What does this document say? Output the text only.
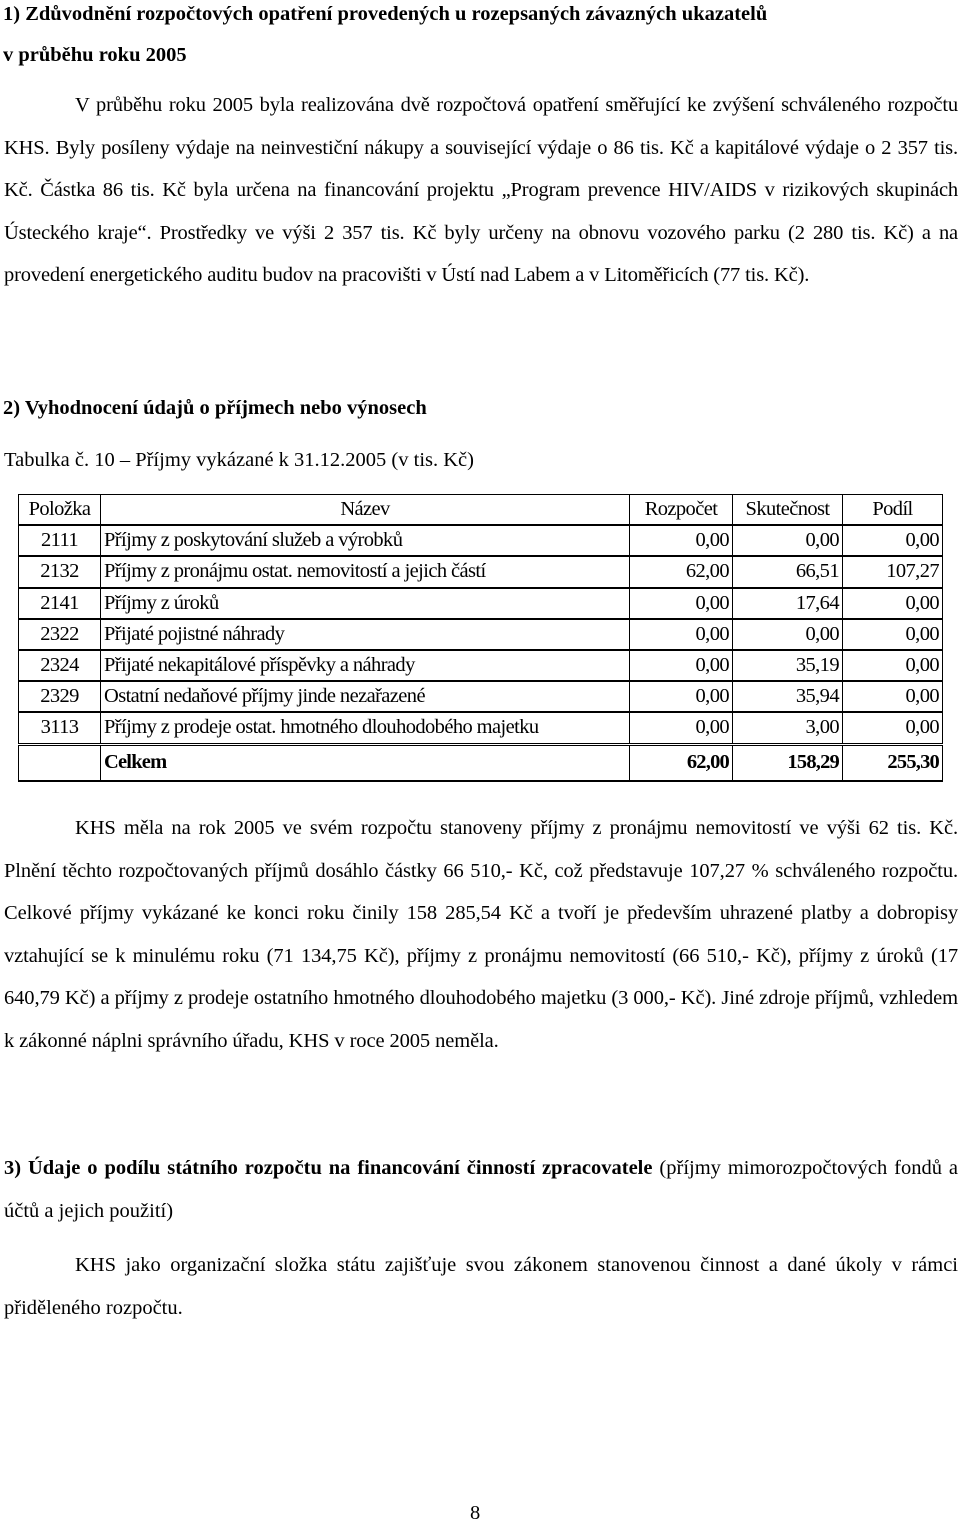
1) Zdůvodnění rozpočtových opatření provedených u rozepsaných závazných ukazatelů

v průběhu roku 2005

V průběhu roku 2005 byla realizována dvě rozpočtová opatření směřující ke zvýšení schváleného rozpočtu KHS. Byly posíleny výdaje na neinvestiční nákupy a související výdaje o 86 tis. Kč a kapitálové výdaje o 2 357 tis. Kč. Částka 86 tis. Kč byla určena na financování projektu „Program prevence HIV/AIDS v rizikových skupinách Ústeckého kraje“. Prostředky ve výši 2 357 tis. Kč byly určeny na obnovu vozového parku (2 280 tis. Kč) a na provedení energetického auditu budov na pracovišti v Ústí nad Labem a v Litoměřicích (77 tis. Kč).

2) Vyhodnocení údajů o příjmech nebo výnosech

Tabulka č. 10 – Příjmy vykázané k 31.12.2005 (v tis. Kč)

Položka	Název	Rozpočet	Skutečnost	Podíl
2111	Příjmy z poskytování služeb a výrobků	0,00	0,00	0,00
2132	Příjmy z pronájmu ostat. nemovitostí a jejich částí	62,00	66,51	107,27
2141	Příjmy z úroků	0,00	17,64	0,00
2322	Přijaté pojistné náhrady	0,00	0,00	0,00
2324	Přijaté nekapitálové příspěvky a náhrady	0,00	35,19	0,00
2329	Ostatní nedaňové příjmy jinde nezařazené	0,00	35,94	0,00
3113	Příjmy z prodeje ostat. hmotného dlouhodobého majetku	0,00	3,00	0,00
	Celkem	62,00	158,29	255,30

KHS měla na rok 2005 ve svém rozpočtu stanoveny příjmy z pronájmu nemovitostí ve výši 62 tis. Kč. Plnění těchto rozpočtovaných příjmů dosáhlo částky 66 510,- Kč, což představuje 107,27 % schváleného rozpočtu. Celkové příjmy vykázané ke konci roku činily 158 285,54 Kč a tvoří je především uhrazené platby a dobropisy vztahující se k minulému roku (71 134,75 Kč), příjmy z pronájmu nemovitostí (66 510,- Kč), příjmy z úroků (17 640,79 Kč) a příjmy z prodeje ostatního hmotného dlouhodobého majetku (3 000,- Kč). Jiné zdroje příjmů, vzhledem k zákonné náplni správního úřadu, KHS v roce 2005 neměla.

3) Údaje o podílu státního rozpočtu na financování činností zpracovatele (příjmy mimorozpočtových fondů a účtů a jejich použití)

KHS jako organizační složka státu zajišťuje svou zákonem stanovenou činnost a dané úkoly v rámci přiděleného rozpočtu.

8
